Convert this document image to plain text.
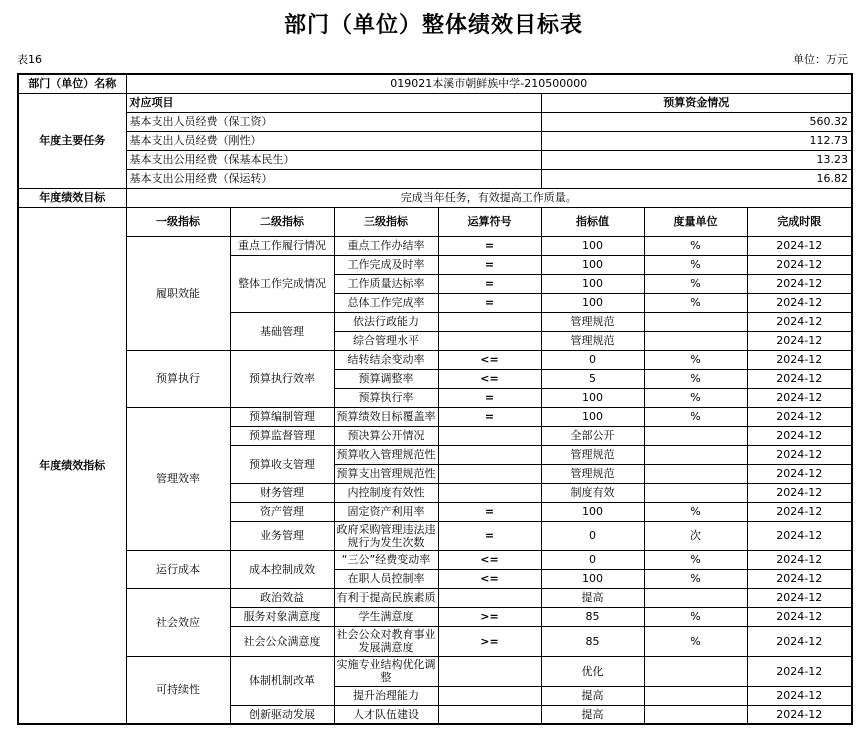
部门（单位）整体绩效目标表
表16	单位：万元
部门（单位）名称	019021本溪市朝鲜族中学-210500000						
年度主要任务	对应项目				预算资金情况		
	基本支出人员经费（保工资）				560.32		
	基本支出人员经费（刚性）				112.73		
	基本支出公用经费（保基本民生）				13.23		
	基本支出公用经费（保运转）				16.82		
年度绩效目标	完成当年任务，有效提高工作质量。						
年度绩效指标	一级指标	二级指标	三级指标	运算符号	指标值	度量单位	完成时限
	履职效能	重点工作履行情况	重点工作办结率	=	100	%	2024-12
		整体工作完成情况	工作完成及时率	=	100	%	2024-12
			工作质量达标率	=	100	%	2024-12
			总体工作完成率	=	100	%	2024-12
		基础管理	依法行政能力		管理规范		2024-12
			综合管理水平		管理规范		2024-12
	预算执行	预算执行效率	结转结余变动率	<=	0	%	2024-12
			预算调整率	<=	5	%	2024-12
			预算执行率	=	100	%	2024-12
	管理效率	预算编制管理	预算绩效目标覆盖率	=	100	%	2024-12
		预算监督管理	预决算公开情况		全部公开		2024-12
		预算收支管理	预算收入管理规范性		管理规范		2024-12
			预算支出管理规范性		管理规范		2024-12
		财务管理	内控制度有效性		制度有效		2024-12
		资产管理	固定资产利用率	=	100	%	2024-12
		业务管理	政府采购管理违法违规行为发生次数	=	0	次	2024-12
	运行成本	成本控制成效	“三公”经费变动率	<=	0	%	2024-12
			在职人员控制率	<=	100	%	2024-12
	社会效应	政治效益	有利于提高民族素质		提高		2024-12
		服务对象满意度	学生满意度	>=	85	%	2024-12
		社会公众满意度	社会公众对教育事业发展满意度	>=	85	%	2024-12
	可持续性	体制机制改革	实施专业结构优化调整		优化		2024-12
			提升治理能力		提高		2024-12
		创新驱动发展	人才队伍建设		提高		2024-12
